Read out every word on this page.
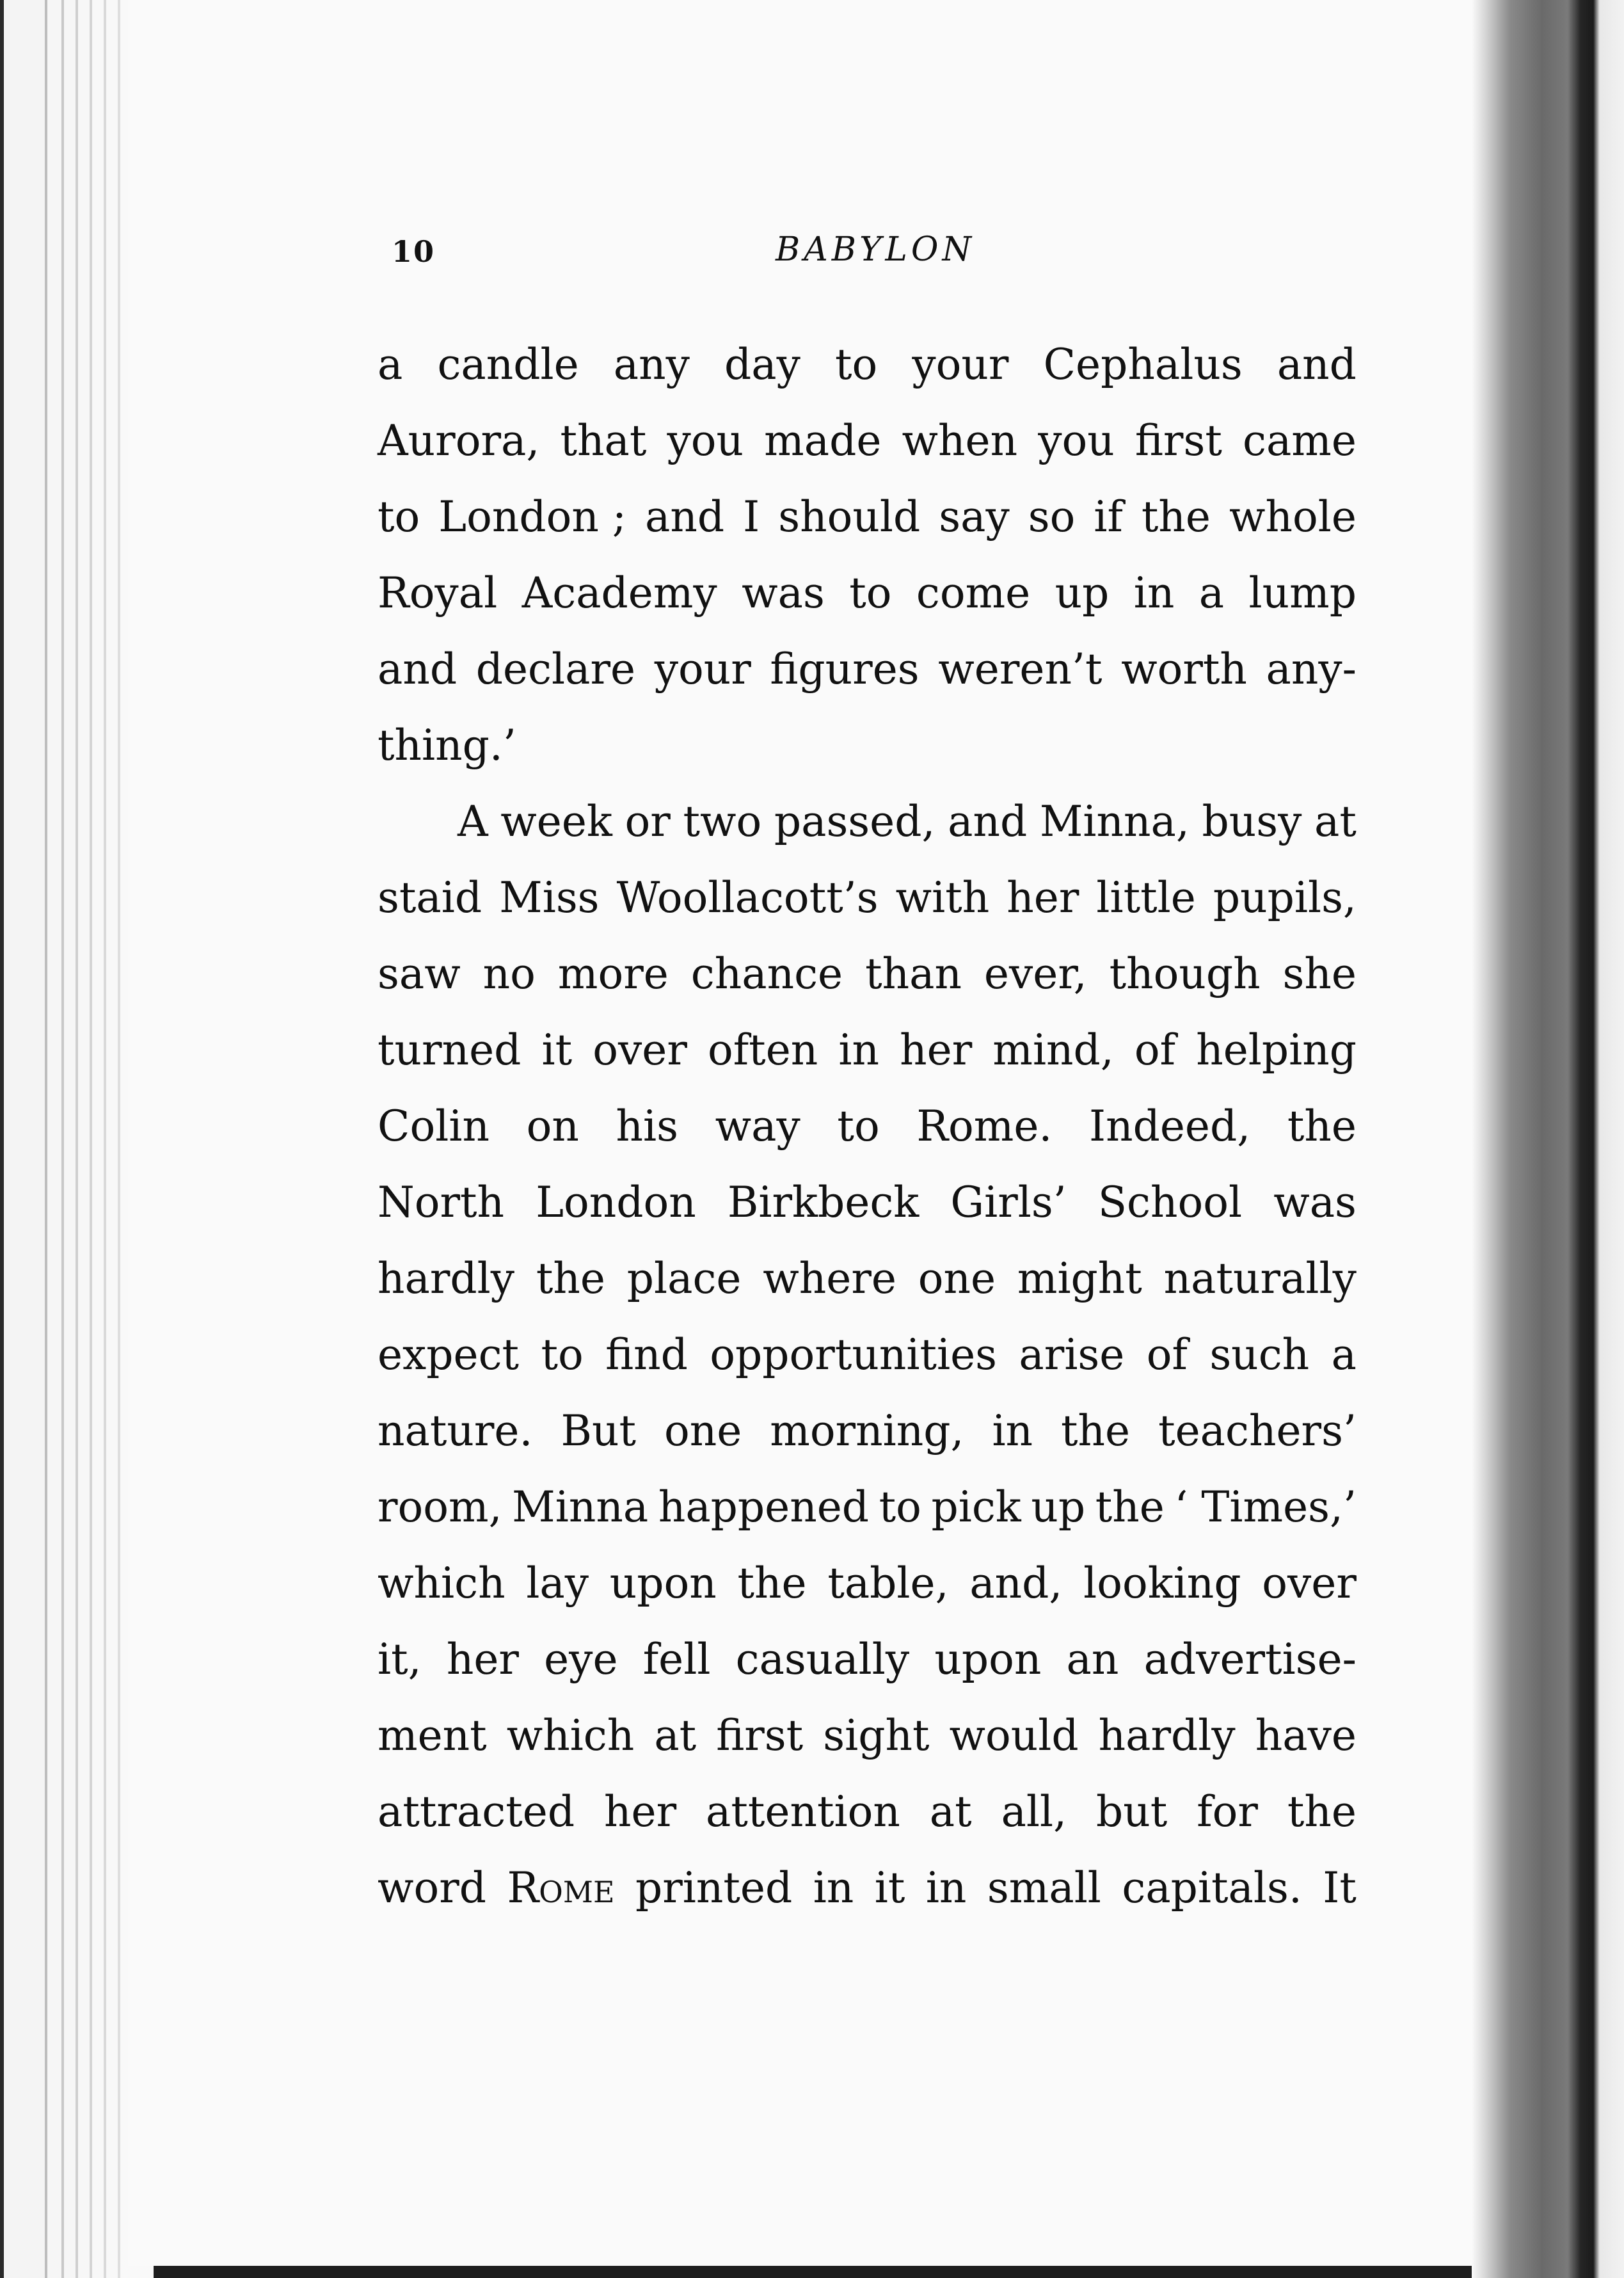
10	BABYLON
a candle any day to your Cephalus and
Aurora, that you made when you first came
to London ; and I should say so if the whole
Royal Academy was to come up in a lump
and declare your figures weren’t worth any-
thing.’
A week or two passed, and Minna, busy at
staid Miss Woollacott’s with her little pupils,
saw no more chance than ever, though she
turned it over often in her mind, of helping
Colin on his way to Rome. Indeed, the
North London Birkbeck Girls’ School was
hardly the place where one might naturally
expect to find opportunities arise of such a
nature. But one morning, in the teachers’
room, Minna happened to pick up the ‘ Times,’
which lay upon the table, and, looking over
it, her eye fell casually upon an advertise-
ment which at first sight would hardly have
attracted her attention at all, but for the
word Rome printed in it in small capitals. It
